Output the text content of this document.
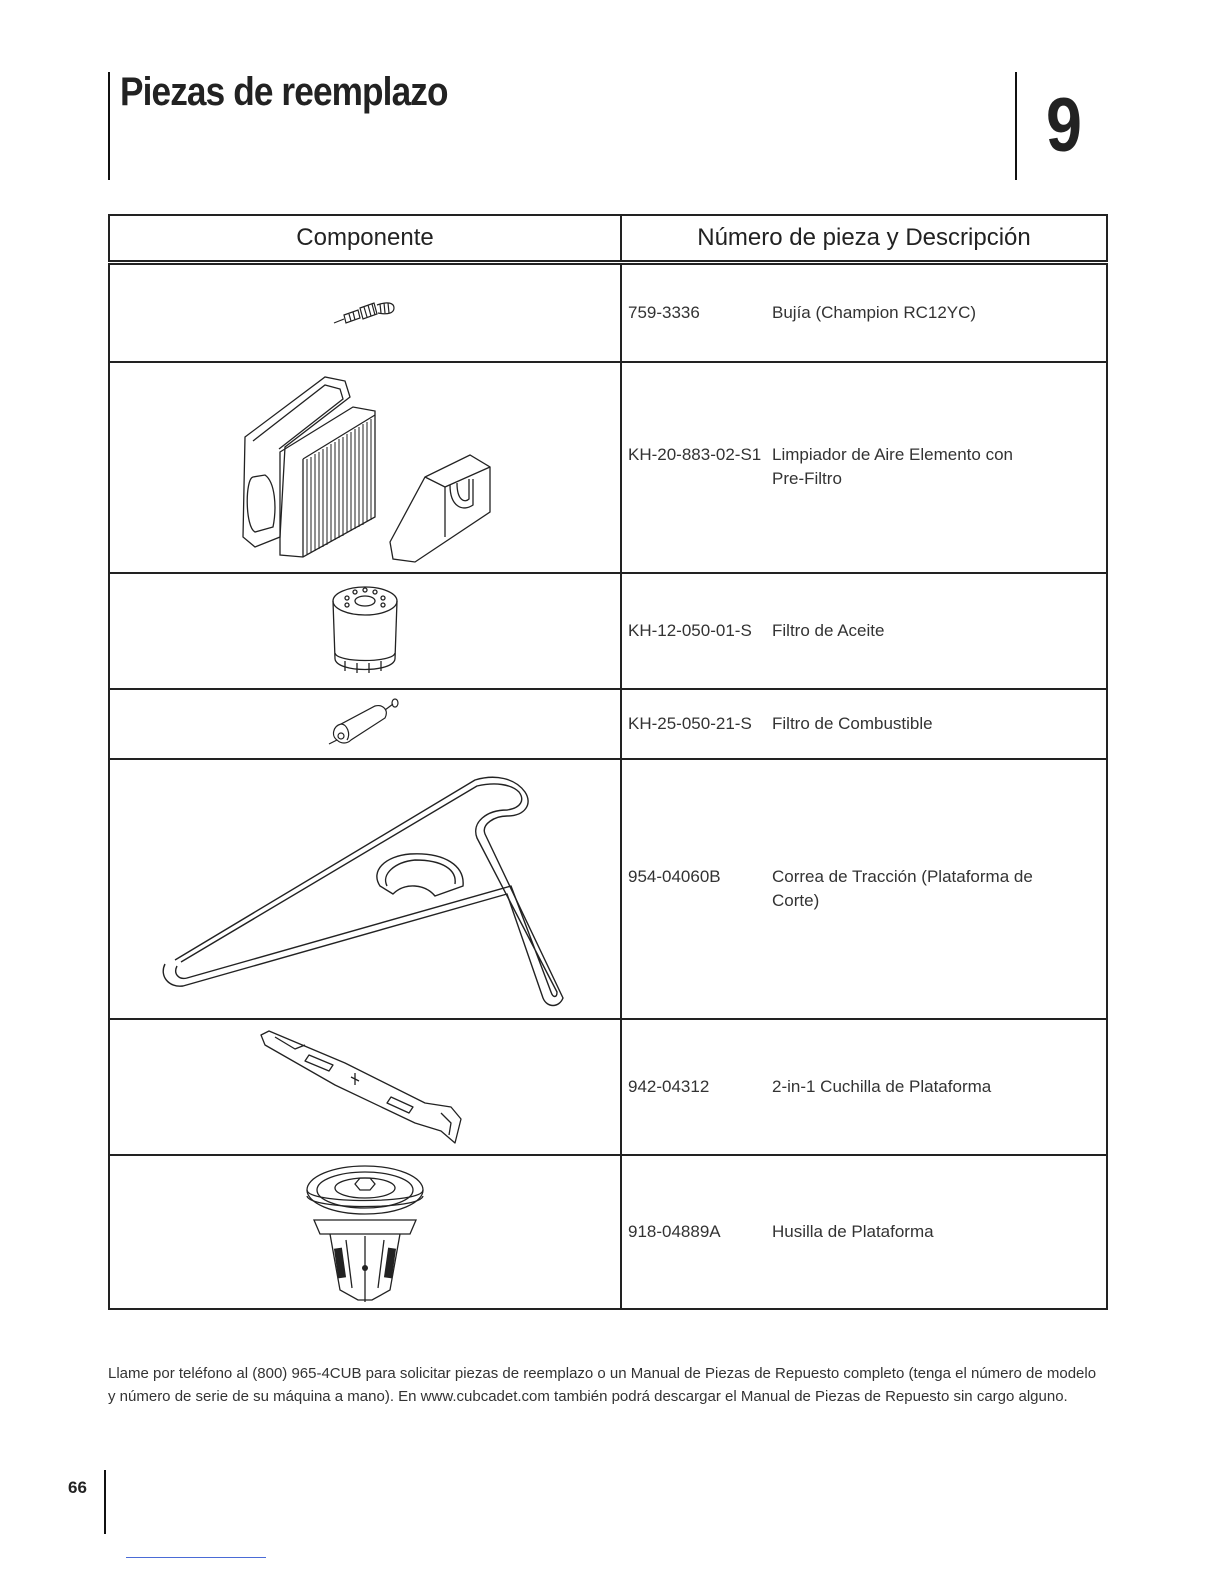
Piezas de reemplazo	9
Componente	Número de pieza y Descripción

759-3336 Bujía (Champion RC12YC)

KH-20-883-02-S1 Limpiador de Aire Elemento con
Pre-Filtro

KH-12-050-01-S Filtro de Aceite

KH-25-050-21-S Filtro de Combustible

954-04060B Correa de Tracción (Plataforma de
Corte)

942-04312 2-in-1 Cuchilla de Plataforma

918-04889A Husilla de Plataforma

Llame por teléfono al (800) 965-4CUB para solicitar piezas de reemplazo o un Manual de Piezas de Repuesto completo (tenga el número de modelo y número de serie de su máquina a mano). En www.cubcadet.com también podrá descargar el Manual de Piezas de Repuesto sin cargo alguno.

66
